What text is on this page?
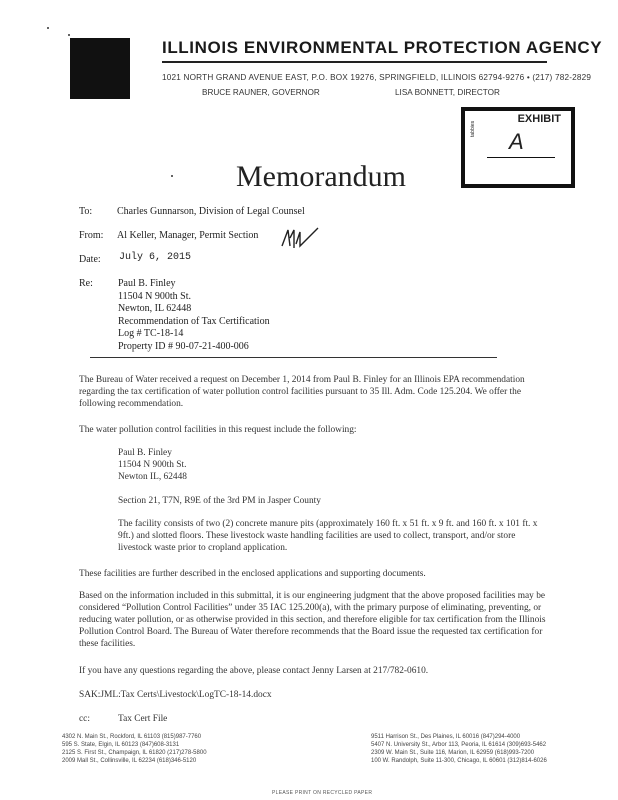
ILLINOIS ENVIRONMENTAL PROTECTION AGENCY
1021 NORTH GRAND AVENUE EAST, P.O. BOX 19276, SPRINGFIELD, ILLINOIS 62794-9276 • (217) 782-2829
BRUCE RAUNER, GOVERNOR	LISA BONNETT, DIRECTOR
EXHIBIT
tabbies
A
Memorandum
To: Charles Gunnarson, Division of Legal Counsel
From: Al Keller, Manager, Permit Section
Date: July 6, 2015
Re:	Paul B. Finley
11504 N 900th St.
Newton, IL 62448
Recommendation of Tax Certification
Log # TC-18-14
Property ID # 90-07-21-400-006
The Bureau of Water received a request on December 1, 2014 from Paul B. Finley for an Illinois EPA recommendation regarding the tax certification of water pollution control facilities pursuant to 35 Ill. Adm. Code 125.204. We offer the following recommendation.
The water pollution control facilities in this request include the following:
Paul B. Finley
11504 N 900th St.
Newton IL, 62448
Section 21, T7N, R9E of the 3rd PM in Jasper County
The facility consists of two (2) concrete manure pits (approximately 160 ft. x 51 ft. x 9 ft. and 160 ft. x 101 ft. x 9ft.) and slotted floors. These livestock waste handling facilities are used to collect, transport, and/or store livestock waste prior to cropland application.
These facilities are further described in the enclosed applications and supporting documents.
Based on the information included in this submittal, it is our engineering judgment that the above proposed facilities may be considered “Pollution Control Facilities” under 35 IAC 125.200(a), with the primary purpose of eliminating, preventing, or reducing water pollution, or as otherwise provided in this section, and therefore eligible for tax certification from the Illinois Pollution Control Board. The Bureau of Water therefore recommends that the Board issue the requested tax certification for these facilities.
If you have any questions regarding the above, please contact Jenny Larsen at 217/782-0610.
SAK:JML:Tax Certs\Livestock\LogTC-18-14.docx
cc:	Tax Cert File
4302 N. Main St., Rockford, IL 61103 (815)987-7760
595 S. State, Elgin, IL 60123 (847)608-3131
2125 S. First St., Champaign, IL 61820 (217)278-5800
2009 Mall St., Collinsville, IL 62234 (618)346-5120
9511 Harrison St., Des Plaines, IL 60016 (847)294-4000
5407 N. University St., Arbor 113, Peoria, IL 61614 (309)693-5462
2309 W. Main St., Suite 116, Marion, IL 62959 (618)993-7200
100 W. Randolph, Suite 11-300, Chicago, IL 60601 (312)814-6026
PLEASE PRINT ON RECYCLED PAPER
